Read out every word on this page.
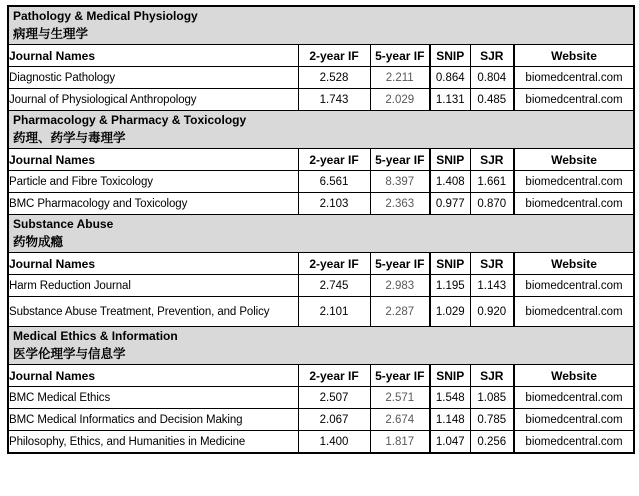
Pathology & Medical Physiology
病理与生理学					

Journal Names	2-year IF	5-year IF	SNIP	SJR	Website
Diagnostic Pathology	2.528	2.211	0.864	0.804	biomedcentral.com
Journal of Physiological Anthropology	1.743	2.029	1.131	0.485	biomedcentral.com

Pharmacology & Pharmacy & Toxicology
药理、药学与毒理学					

Journal Names	2-year IF	5-year IF	SNIP	SJR	Website
Particle and Fibre Toxicology	6.561	8.397	1.408	1.661	biomedcentral.com
BMC Pharmacology and Toxicology	2.103	2.363	0.977	0.870	biomedcentral.com

Substance Abuse
药物成瘾					

Journal Names	2-year IF	5-year IF	SNIP	SJR	Website
Harm Reduction Journal	2.745	2.983	1.195	1.143	biomedcentral.com
Substance Abuse Treatment, Prevention, and Policy	2.101	2.287	1.029	0.920	biomedcentral.com

Medical Ethics & Information
医学伦理学与信息学					

Journal Names	2-year IF	5-year IF	SNIP	SJR	Website
BMC Medical Ethics	2.507	2.571	1.548	1.085	biomedcentral.com
BMC Medical Informatics and Decision Making	2.067	2.674	1.148	0.785	biomedcentral.com
Philosophy, Ethics, and Humanities in Medicine	1.400	1.817	1.047	0.256	biomedcentral.com
